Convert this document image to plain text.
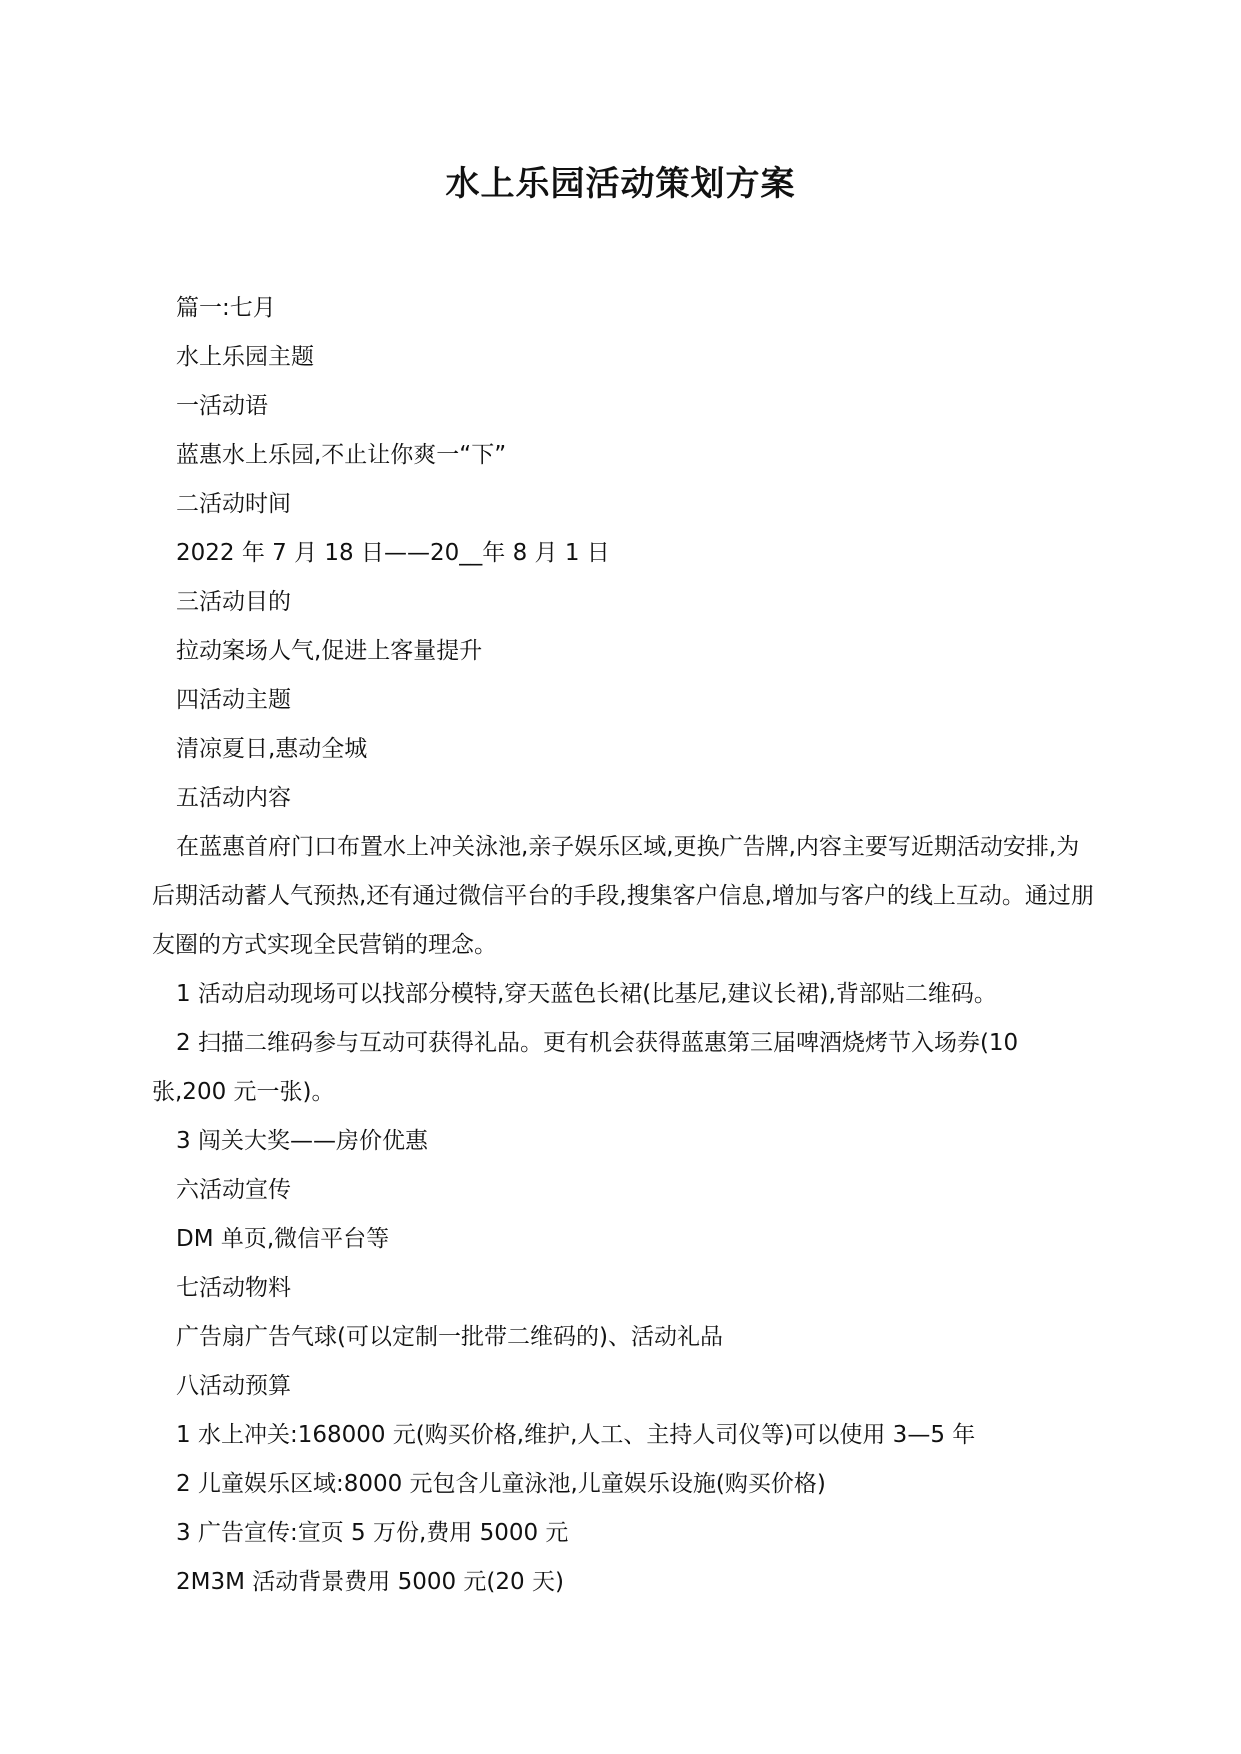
水上乐园活动策划方案

篇一:七月

水上乐园主题

一活动语

蓝惠水上乐园,不止让你爽一“下”

二活动时间

2022 年 7 月 18 日——20__年 8 月 1 日

三活动目的

拉动案场人气,促进上客量提升

四活动主题

清凉夏日,惠动全城

五活动内容

在蓝惠首府门口布置水上冲关泳池,亲子娱乐区域,更换广告牌,内容主要写近期活动安排,为后期活动蓄人气预热,还有通过微信平台的手段,搜集客户信息,增加与客户的线上互动。通过朋友圈的方式实现全民营销的理念。

1 活动启动现场可以找部分模特,穿天蓝色长裙(比基尼,建议长裙),背部贴二维码。

2 扫描二维码参与互动可获得礼品。更有机会获得蓝惠第三届啤酒烧烤节入场券(10 张,200 元一张)。

3 闯关大奖——房价优惠

六活动宣传

DM 单页,微信平台等

七活动物料

广告扇广告气球(可以定制一批带二维码的)、活动礼品

八活动预算

1 水上冲关:168000 元(购买价格,维护,人工、主持人司仪等)可以使用 3—5 年

2 儿童娱乐区域:8000 元包含儿童泳池,儿童娱乐设施(购买价格)

3 广告宣传:宣页 5 万份,费用 5000 元

2M3M 活动背景费用 5000 元(20 天)
